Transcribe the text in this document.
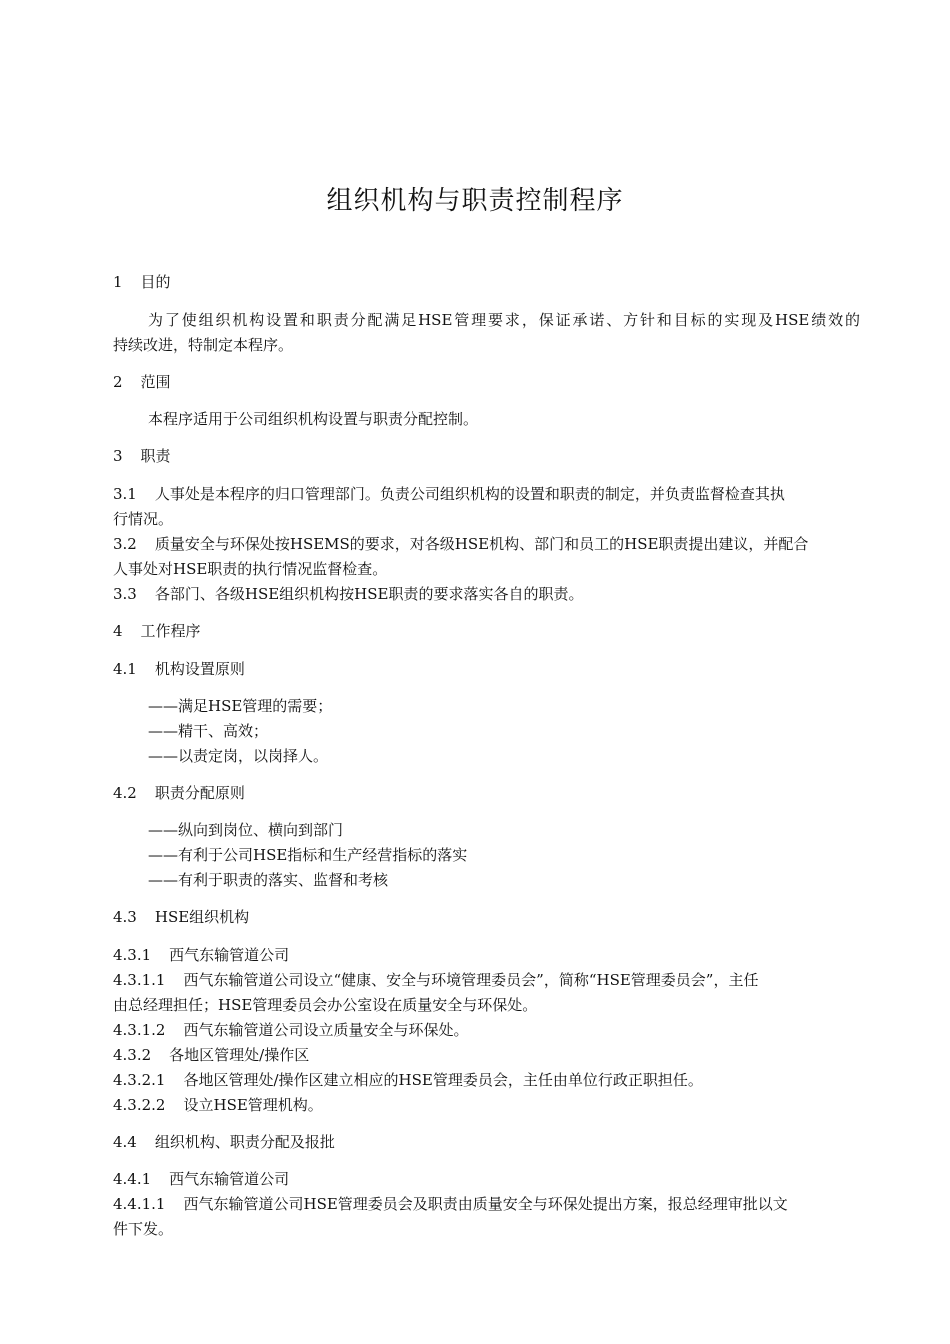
组织机构与职责控制程序
1 目的
为了使组织机构设置和职责分配满足HSE管理要求，保证承诺、方针和目标的实现及HSE绩效的
持续改进，特制定本程序。
2 范围
本程序适用于公司组织机构设置与职责分配控制。
3 职责
3.1 人事处是本程序的归口管理部门。负责公司组织机构的设置和职责的制定，并负责监督检查其执
行情况。
3.2 质量安全与环保处按HSEMS的要求，对各级HSE机构、部门和员工的HSE职责提出建议，并配合
人事处对HSE职责的执行情况监督检查。
3.3 各部门、各级HSE组织机构按HSE职责的要求落实各自的职责。
4 工作程序
4.1 机构设置原则
——满足HSE管理的需要；
——精干、高效；
——以责定岗，以岗择人。
4.2 职责分配原则
——纵向到岗位、横向到部门
——有利于公司HSE指标和生产经营指标的落实
——有利于职责的落实、监督和考核
4.3 HSE组织机构
4.3.1 西气东输管道公司
4.3.1.1 西气东输管道公司设立“健康、安全与环境管理委员会”，简称“HSE管理委员会”，主任
由总经理担任；HSE管理委员会办公室设在质量安全与环保处。
4.3.1.2 西气东输管道公司设立质量安全与环保处。
4.3.2 各地区管理处/操作区
4.3.2.1 各地区管理处/操作区建立相应的HSE管理委员会，主任由单位行政正职担任。
4.3.2.2 设立HSE管理机构。
4.4 组织机构、职责分配及报批
4.4.1 西气东输管道公司
4.4.1.1 西气东输管道公司HSE管理委员会及职责由质量安全与环保处提出方案，报总经理审批以文
件下发。
